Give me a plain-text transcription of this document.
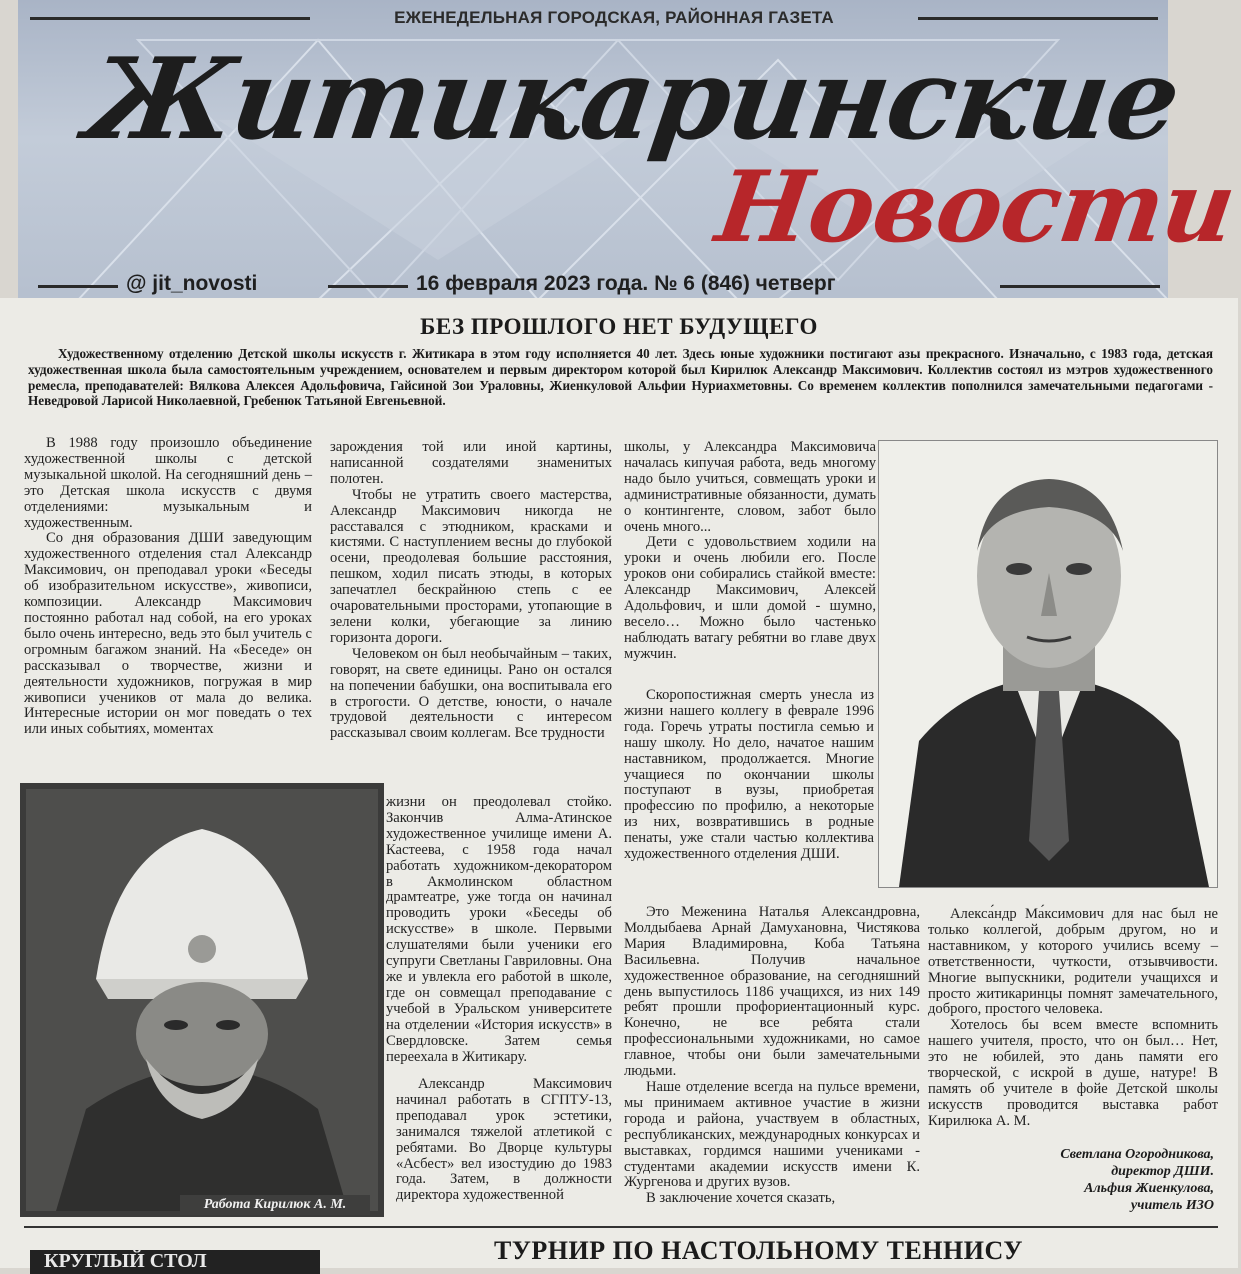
ЕЖЕНЕДЕЛЬНАЯ ГОРОДСКАЯ, РАЙОННАЯ ГАЗЕТА
Житикаринские
Новости
@ jit_novosti	16 февраля 2023 года. № 6 (846) четверг
БЕЗ ПРОШЛОГО НЕТ БУДУЩЕГО
Художественному отделению Детской школы искусств г. Житикара в этом году исполняется 40 лет. Здесь юные художники постигают азы прекрасного. Изначально, с 1983 года, детская художественная школа была самостоятельным учреждением, основателем и первым директором которой был Кирилюк Александр Максимович. Коллектив состоял из мэтров художественного ремесла, преподавателей: Вялкова Алексея Адольфовича, Гайсиной Зои Ураловны, Жиенкуловой Альфии Нуриахметовны. Со временем коллектив пополнился замечательными педагогами - Неведровой Ларисой Николаевной, Гребенюк Татьяной Евгеньевной.

В 1988 году произошло объединение художественной школы с детской музыкальной школой. На сегодняшний день – это Детская школа искусств с двумя отделениями: музыкальным и художественным.

Со дня образования ДШИ заведующим художественного отделения стал Александр Максимович, он преподавал уроки «Беседы об изобразительном искусстве», живописи, композиции. Александр Максимович постоянно работал над собой, на его уроках было очень интересно, ведь это был учитель с огромным багажом знаний. На «Беседе» он рассказывал о творчестве, жизни и деятельности художников, погружая в мир живописи учеников от мала до велика. Интересные истории он мог поведать о тех или иных событиях, моментах

зарождения той или иной картины, написанной создателями знаменитых полотен.

Чтобы не утратить своего мастерства, Александр Максимович никогда не расставался с этюдником, красками и кистями. С наступлением весны до глубокой осени, преодолевая большие расстояния, пешком, ходил писать этюды, в которых запечатлел бескрайнюю степь с ее очаровательными просторами, утопающие в зелени колки, убегающие за линию горизонта дороги.

Человеком он был необычайным – таких, говорят, на свете единицы. Рано он остался на попечении бабушки, она воспитывала его в строгости. О детстве, юности, о начале трудовой деятельности с интересом рассказывал своим коллегам. Все трудности

жизни он преодолевал стойко. Закончив Алма-Атинское художественное училище имени А. Кастеева, с 1958 года начал работать художником-декоратором в Акмолинском областном драмтеатре, уже тогда он начинал проводить уроки «Беседы об искусстве» в школе. Первыми слушателями были ученики его супруги Светланы Гавриловны. Она же и увлекла его работой в школе, где он совмещал преподавание с учебой в Уральском университете на отделении «История искусств» в Свердловске. Затем семья переехала в Житикару.

Александр Максимович начинал работать в СГПТУ-13, преподавал урок эстетики, занимался тяжелой атлетикой с ребятами. Во Дворце культуры «Асбест» вел изостудию до 1983 года. Затем, в должности директора художественной

школы, у Александра Максимовича началась кипучая работа, ведь многому надо было учиться, совмещать уроки и административные обязанности, думать о контингенте, словом, забот было очень много...

Дети с удовольствием ходили на уроки и очень любили его. После уроков они собирались стайкой вместе: Александр Максимович, Алексей Адольфович, и шли домой - шумно, весело… Можно было частенько наблюдать ватагу ребятни во главе двух мужчин.

Скоропостижная смерть унесла из жизни нашего коллегу в феврале 1996 года. Горечь утраты постигла семью и нашу школу. Но дело, начатое нашим наставником, продолжается. Многие учащиеся по окончании школы поступают в вузы, приобретая профессию по профилю, а некоторые из них, возвратившись в родные пенаты, уже стали частью коллектива художественного отделения ДШИ.

Это Меженина Наталья Александровна, Молдыбаева Арнай Дамухановна, Чистякова Мария Владимировна, Коба Татьяна Васильевна. Получив начальное художественное образование, на сегодняшний день выпустилось 1186 учащихся, из них 149 ребят прошли профориентационный курс. Конечно, не все ребята стали профессиональными художниками, но самое главное, чтобы они были замечательными людьми.

Наше отделение всегда на пульсе времени, мы принимаем активное участие в жизни города и района, участвуем в областных, республиканских, международных конкурсах и выставках, гордимся нашими учениками - студентами академии искусств имени К. Жургенова и других вузов.

В заключение хочется сказать,

Алекса́ндр Ма́ксимович для нас был не только коллегой, добрым другом, но и наставником, у которого учились всему – ответственности, чуткости, отзывчивости. Многие выпускники, родители учащихся и просто житикаринцы помнят замечательного, доброго, простого человека.

Хотелось бы всем вместе вспомнить нашего учителя, просто, что он был… Нет, это не юбилей, это дань памяти его творческой, с искрой в душе, натуре! В память об учителе в фойе Детской школы искусств проводится выставка работ Кирилюка А. М.

Работа Кирилюк А. М.
Светлана Огородникова,
директор ДШИ.
Альфия Жиенкулова,
учитель ИЗО
КРУГЛЫЙ СТОЛ	ТУРНИР ПО НАСТОЛЬНОМУ ТЕННИСУ
